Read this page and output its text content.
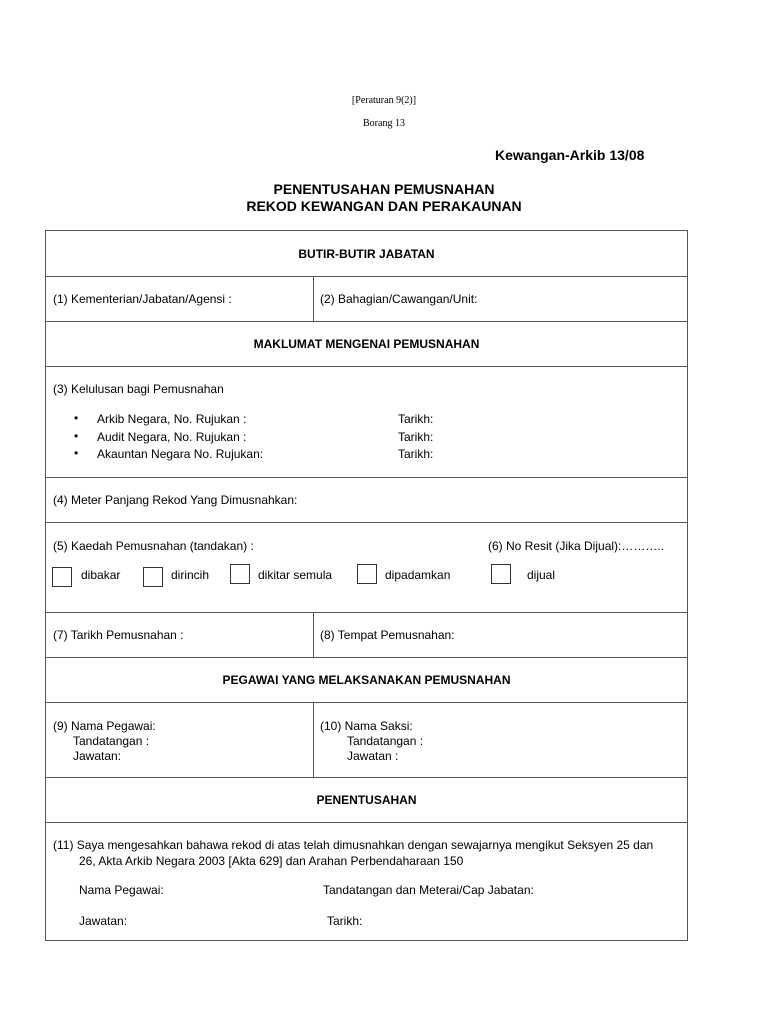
[Peraturan 9(2)]
Borang 13
Kewangan-Arkib 13/08
PENENTUSAHAN PEMUSNAHAN
REKOD KEWANGAN DAN PERAKAUNAN
BUTIR-BUTIR JABATAN
(1) Kementerian/Jabatan/Agensi :	(2) Bahagian/Cawangan/Unit:
MAKLUMAT MENGENAI PEMUSNAHAN
(3) Kelulusan bagi Pemusnahan
• Arkib Negara, No. Rujukan :	Tarikh:
• Audit Negara, No. Rujukan :	Tarikh:
• Akauntan Negara No. Rujukan:	Tarikh:
(4) Meter Panjang Rekod Yang Dimusnahkan:
(5) Kaedah Pemusnahan (tandakan) :	(6) No Resit (Jika Dijual):………..
dibakar	dirincih	dikitar semula	dipadamkan	dijual
(7) Tarikh Pemusnahan :	(8) Tempat Pemusnahan:
PEGAWAI YANG MELAKSANAKAN PEMUSNAHAN
(9) Nama Pegawai:
Tandatangan :
Jawatan:
(10) Nama Saksi:
Tandatangan :
Jawatan :
PENENTUSAHAN
(11) Saya mengesahkan bahawa rekod di atas telah dimusnahkan dengan sewajarnya mengikut Seksyen 25 dan
26, Akta Arkib Negara 2003 [Akta 629] dan Arahan Perbendaharaan 150
Nama Pegawai:	Tandatangan dan Meterai/Cap Jabatan:
Jawatan:	Tarikh:
